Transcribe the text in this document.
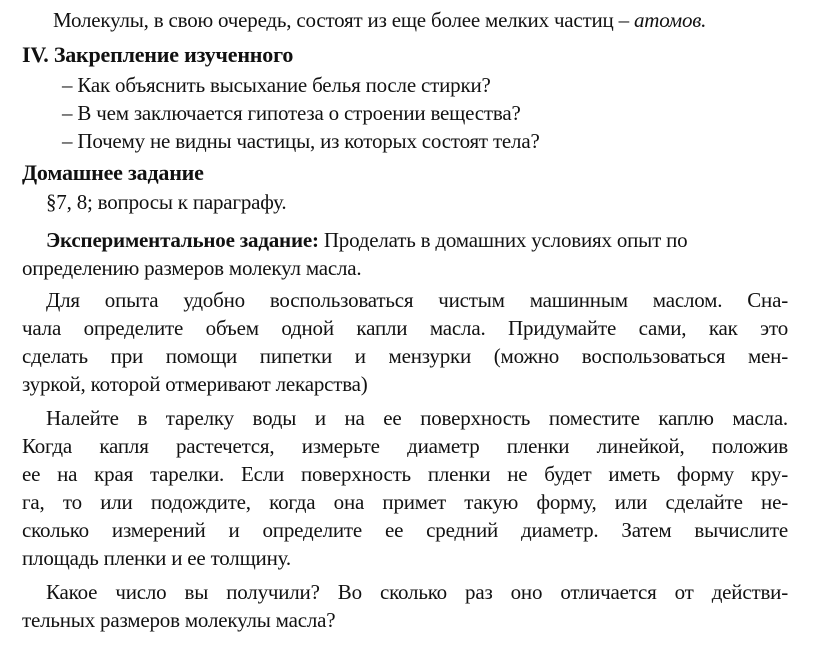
Молекулы, в свою очередь, состоят из еще более мелких частиц – атомов.
IV. Закрепление изученного
– Как объяснить высыхание белья после стирки?
– В чем заключается гипотеза о строении вещества?
– Почему не видны частицы, из которых состоят тела?
Домашнее задание
§7, 8; вопросы к параграфу.
Экспериментальное задание: Проделать в домашних условиях опыт по
определению размеров молекул масла.
Для опыта удобно воспользоваться чистым машинным маслом. Сна-
чала определите объем одной капли масла. Придумайте сами, как это
сделать при помощи пипетки и мензурки (можно воспользоваться мен-
зуркой, которой отмеривают лекарства)
Налейте в тарелку воды и на ее поверхность поместите каплю масла.
Когда капля растечется, измерьте диаметр пленки линейкой, положив
ее на края тарелки. Если поверхность пленки не будет иметь форму кру-
га, то или подождите, когда она примет такую форму, или сделайте не-
сколько измерений и определите ее средний диаметр. Затем вычислите
площадь пленки и ее толщину.
Какое число вы получили? Во сколько раз оно отличается от действи-
тельных размеров молекулы масла?
